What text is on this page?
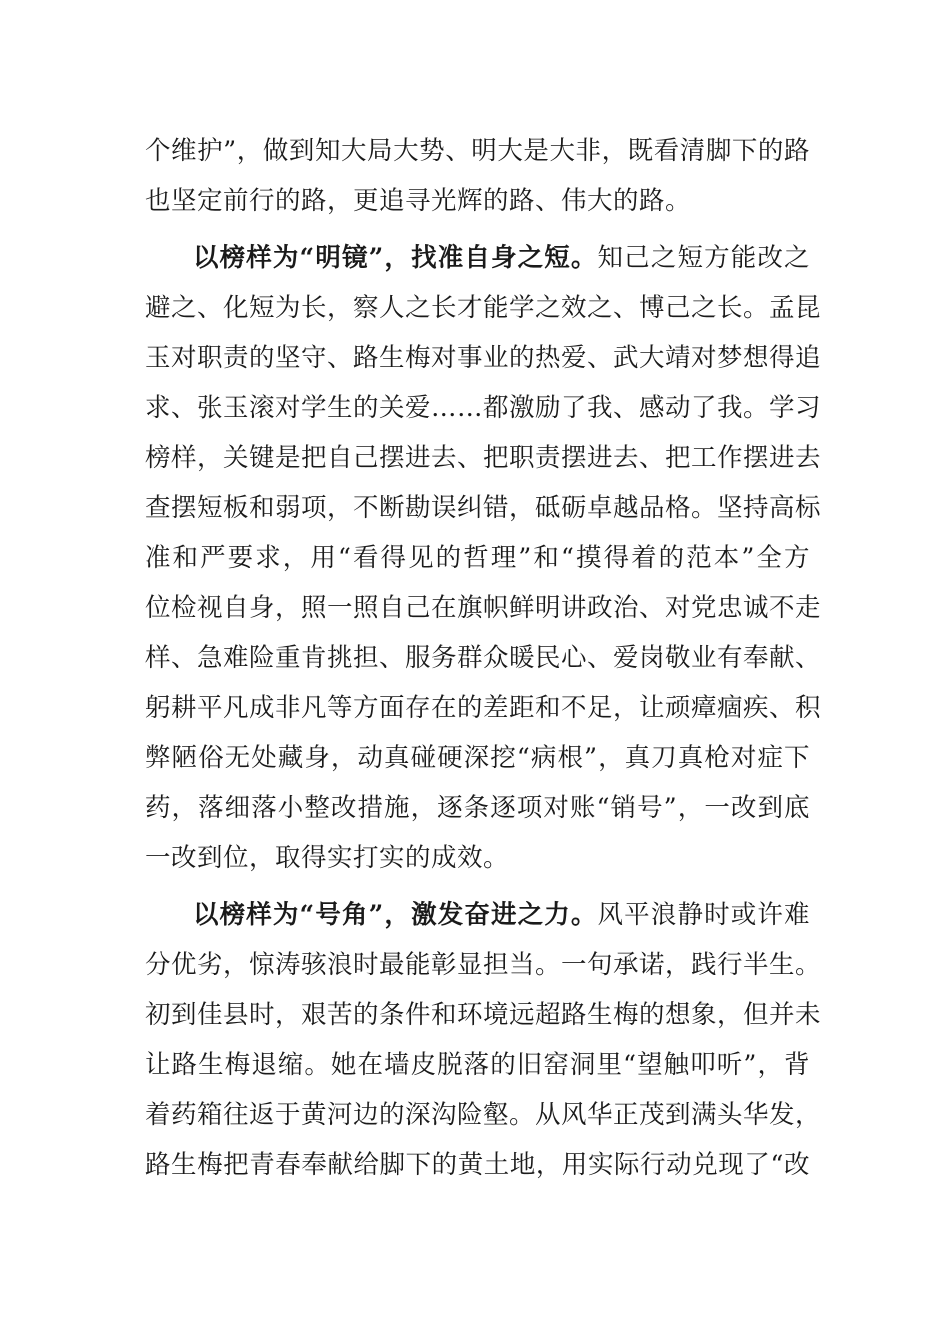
个维护”，做到知大局大势、明大是大非，既看清脚下的路
也坚定前行的路，更追寻光辉的路、伟大的路。
以榜样为“明镜”，找准自身之短。知己之短方能改之
避之、化短为长，察人之长才能学之效之、博己之长。孟昆
玉对职责的坚守、路生梅对事业的热爱、武大靖对梦想得追
求、张玉滚对学生的关爱……都激励了我、感动了我。学习
榜样，关键是把自己摆进去、把职责摆进去、把工作摆进去
查摆短板和弱项，不断勘误纠错，砥砺卓越品格。坚持高标
准和严要求，用“看得见的哲理”和“摸得着的范本”全方
位检视自身，照一照自己在旗帜鲜明讲政治、对党忠诚不走
样、急难险重肯挑担、服务群众暖民心、爱岗敬业有奉献、
躬耕平凡成非凡等方面存在的差距和不足，让顽瘴痼疾、积
弊陋俗无处藏身，动真碰硬深挖“病根”，真刀真枪对症下
药，落细落小整改措施，逐条逐项对账“销号”，一改到底
一改到位，取得实打实的成效。
以榜样为“号角”，激发奋进之力。风平浪静时或许难
分优劣，惊涛骇浪时最能彰显担当。一句承诺，践行半生。
初到佳县时，艰苦的条件和环境远超路生梅的想象，但并未
让路生梅退缩。她在墙皮脱落的旧窑洞里“望触叩听”，背
着药箱往返于黄河边的深沟险壑。从风华正茂到满头华发，
路生梅把青春奉献给脚下的黄土地，用实际行动兑现了“改
